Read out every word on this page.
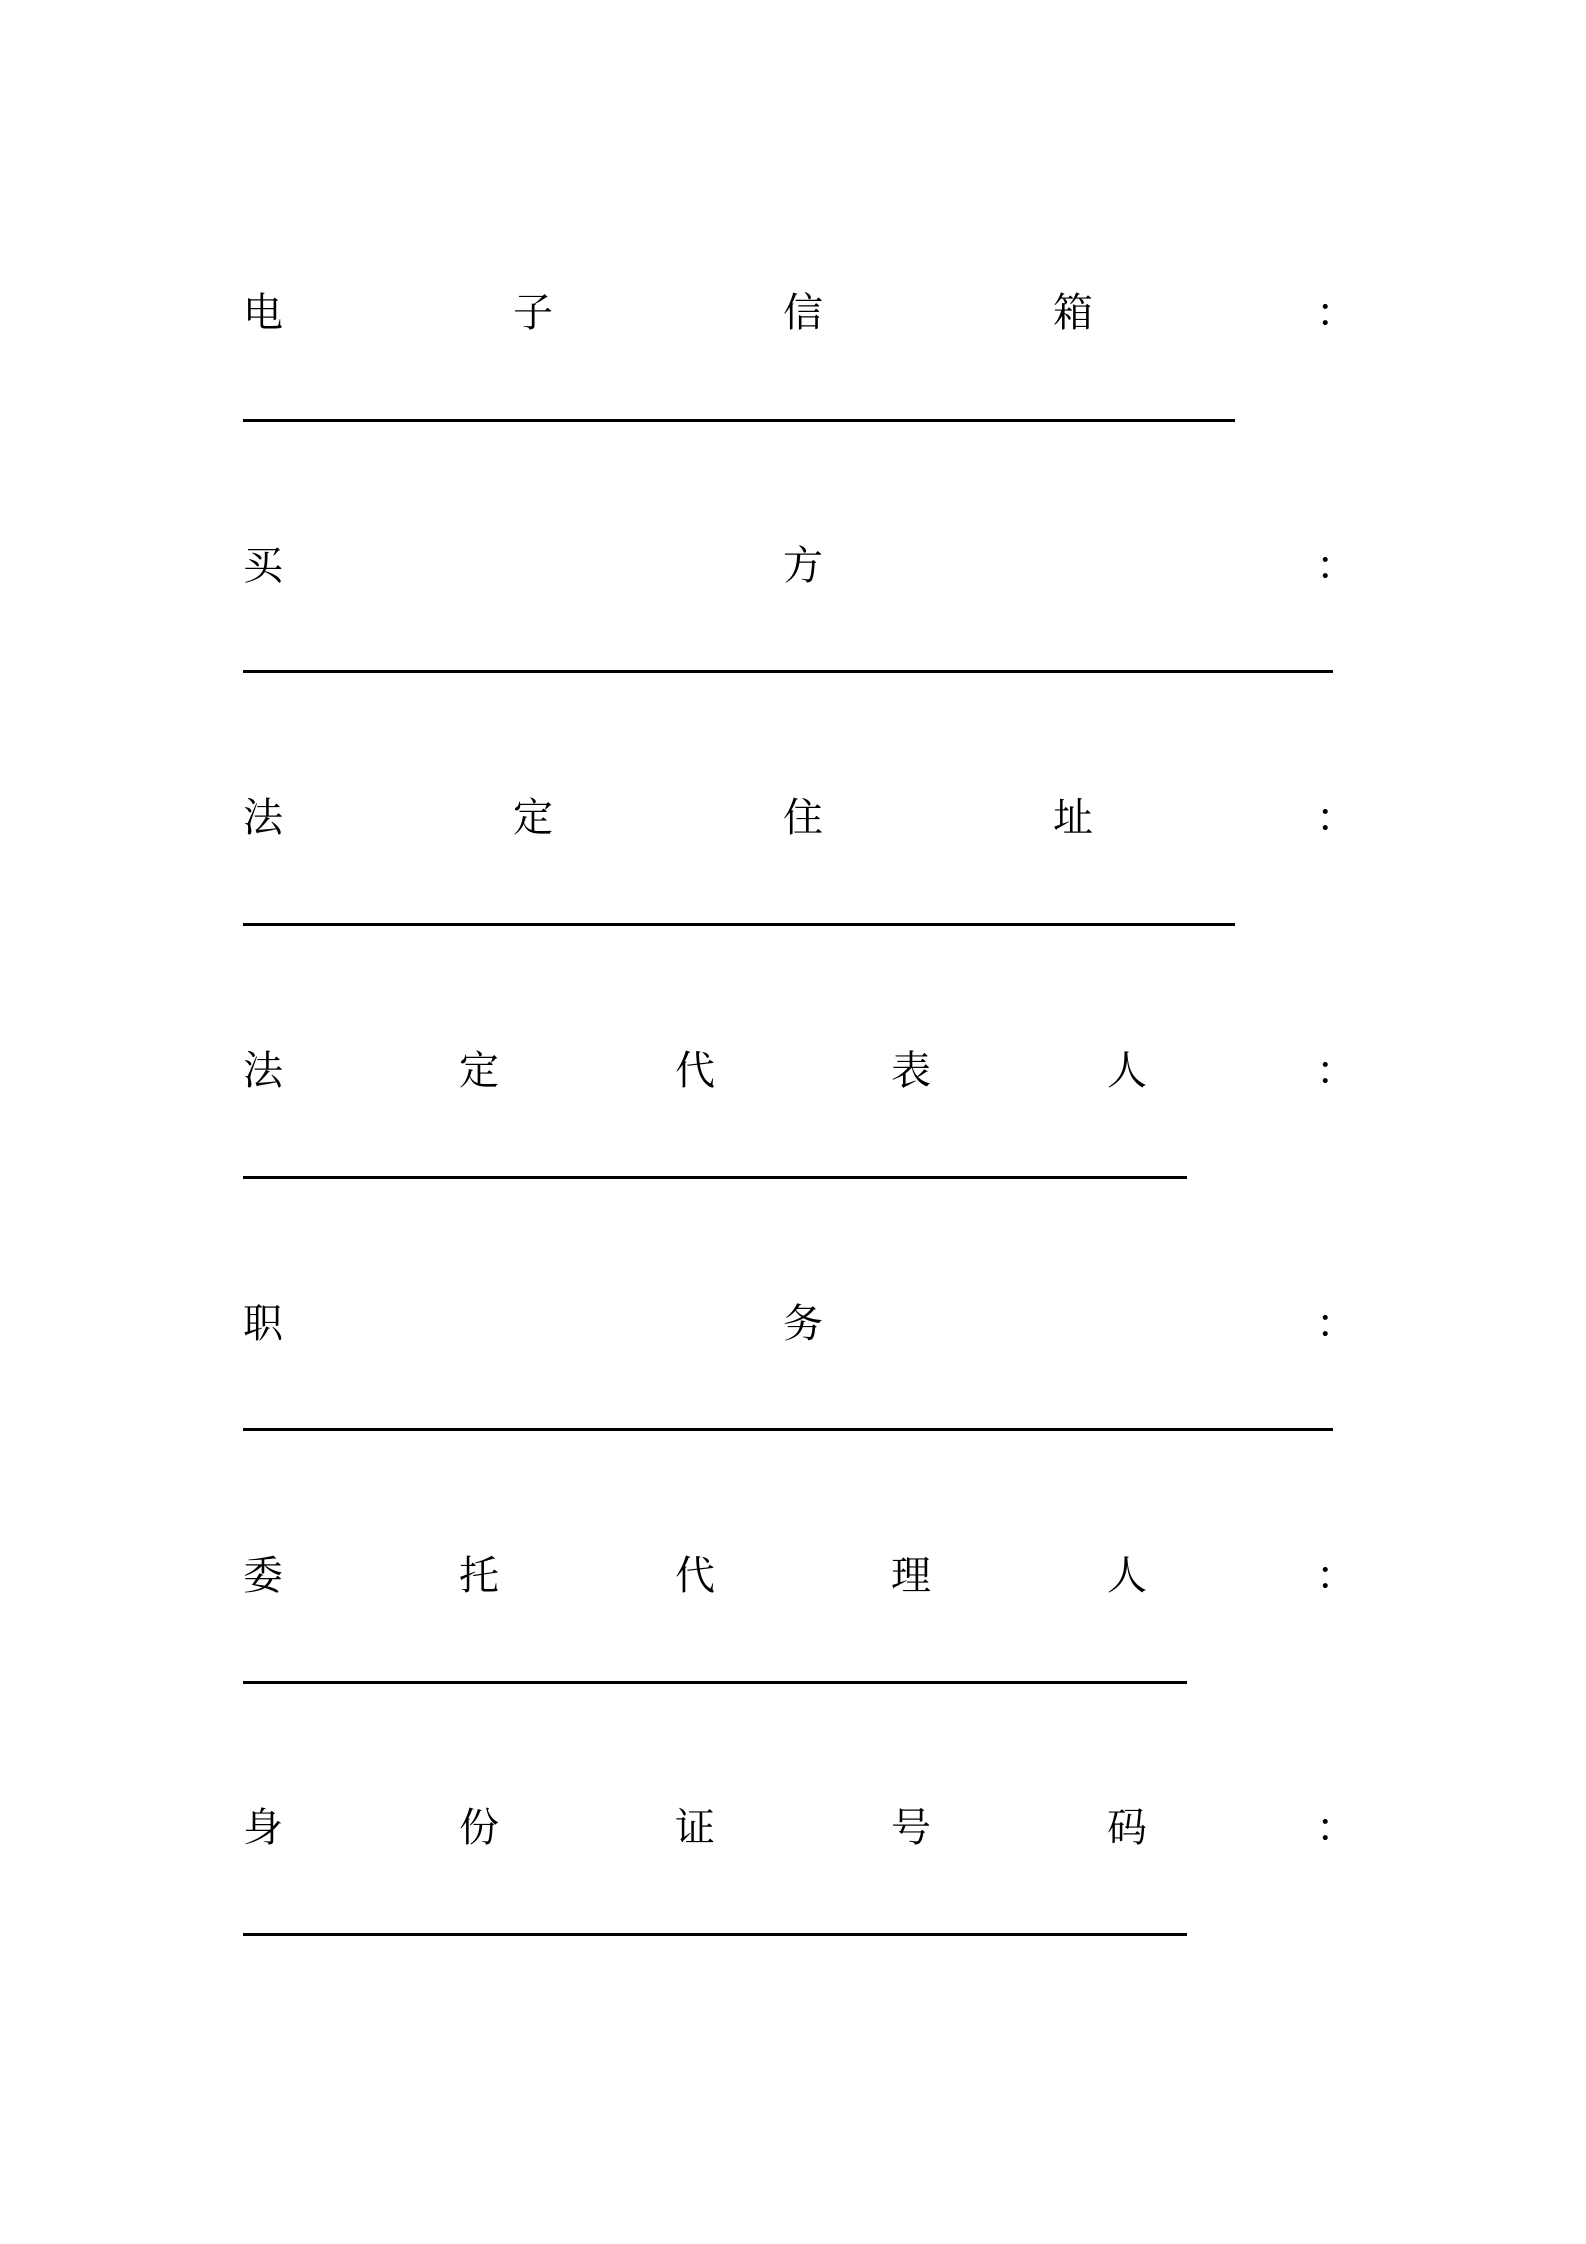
电	子	信	箱	：
买	方	：
法	定	住	址	：
法	定	代	表	人	：
职	务	：
委	托	代	理	人	：
身	份	证	号	码	：
